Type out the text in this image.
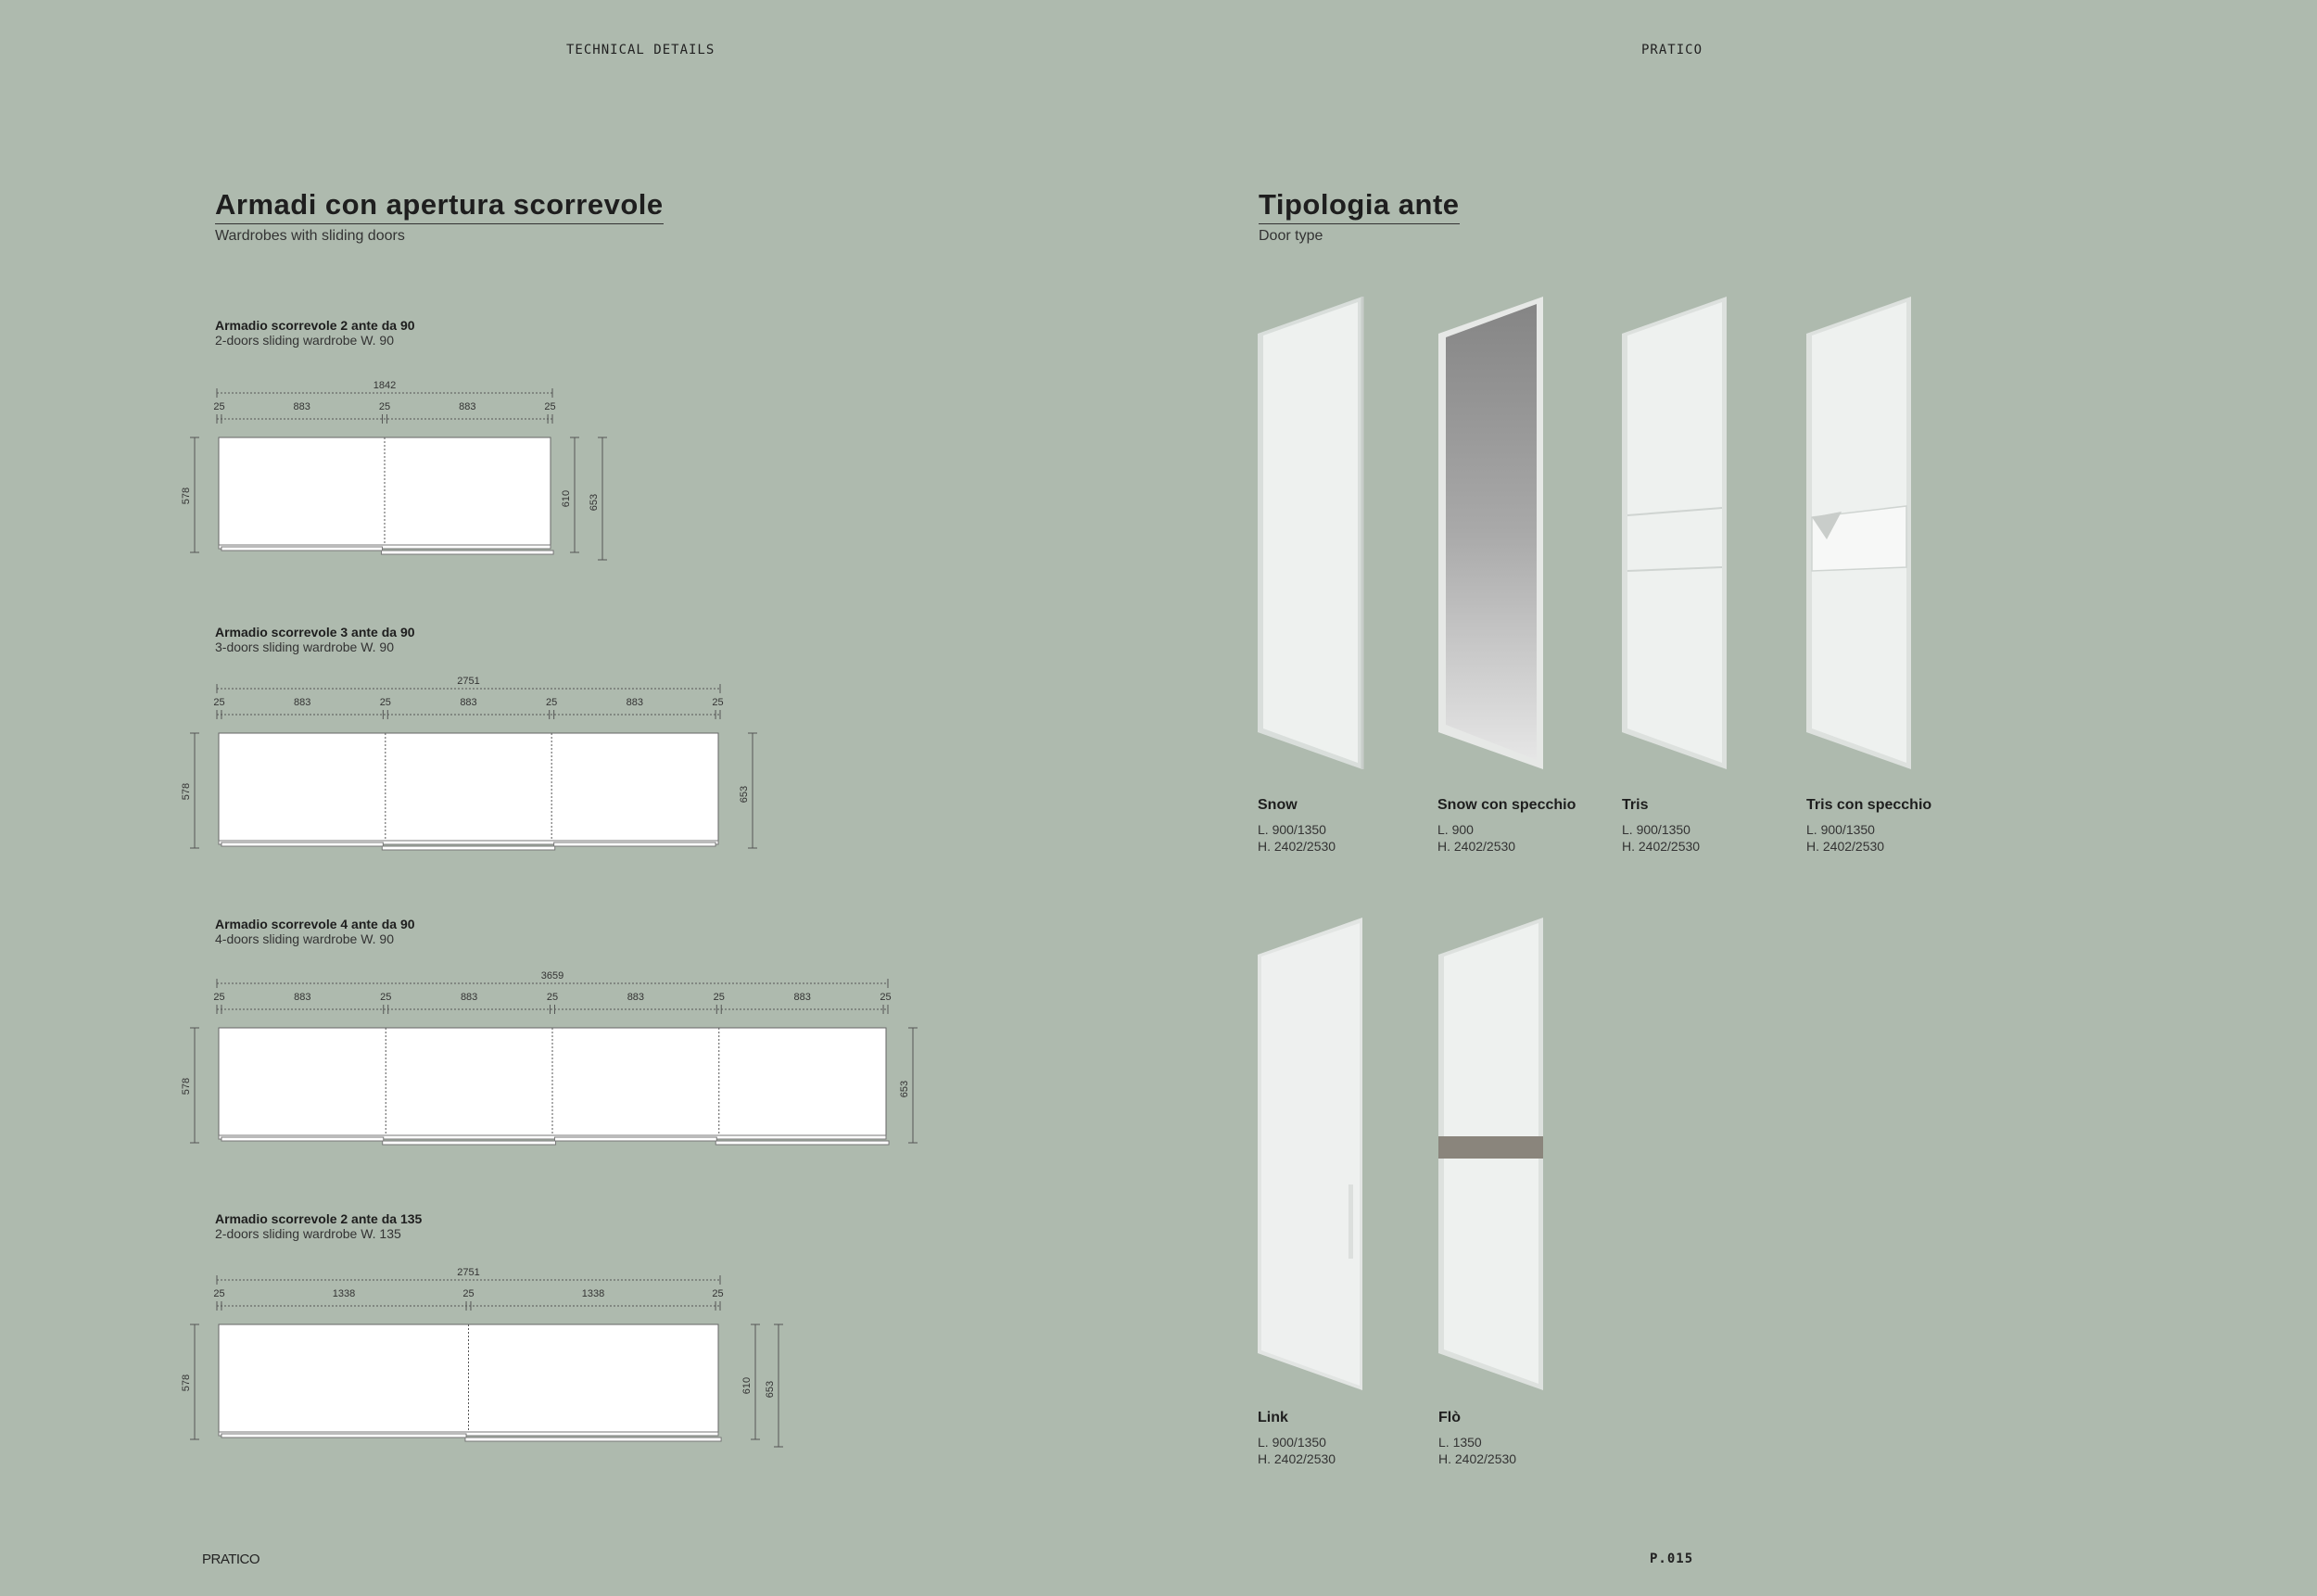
TECHNICAL DETAILS	PRATICO
Armadi con apertura scorrevole
Wardrobes with sliding doors
Tipologia ante
Door type
Armadio scorrevole 2 ante da 90
2-doors sliding wardrobe W. 90
1842
25	883	25	883	25
578	610 653
Armadio scorrevole 3 ante da 90
3-doors sliding wardrobe W. 90
2751
25	883	25	883	25	883	25
578	653
Armadio scorrevole 4 ante da 90
4-doors sliding wardrobe W. 90
3659
25	883	25	883	25	883	25	883	25
578	653
Armadio scorrevole 2 ante da 135
2-doors sliding wardrobe W. 135
2751
25	1338	25	1338	25
578	610 653
Snow
L. 900/1350
H. 2402/2530
Snow con specchio
L. 900
H. 2402/2530
Tris
L. 900/1350
H. 2402/2530
Tris con specchio
L. 900/1350
H. 2402/2530
Link
L. 900/1350
H. 2402/2530
Flò
L. 1350
H. 2402/2530
PRATICO	P.015
